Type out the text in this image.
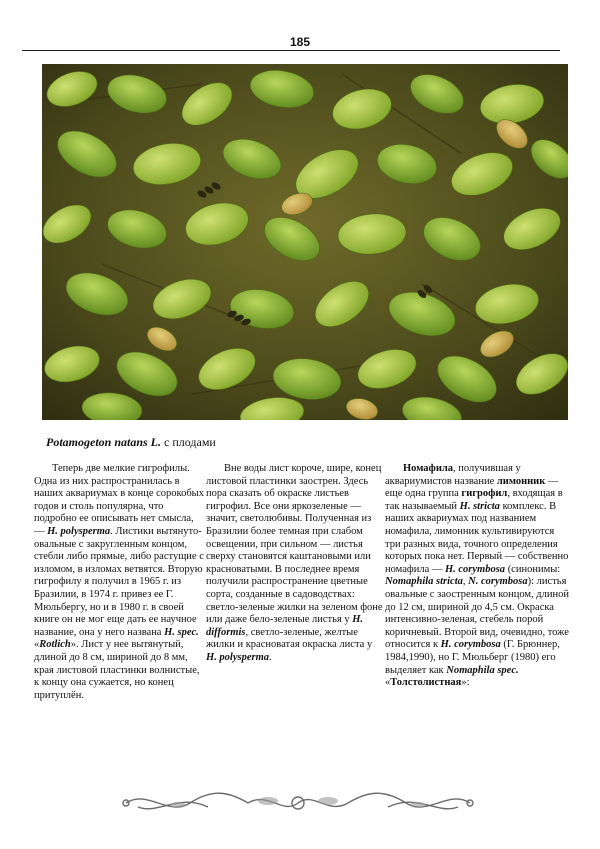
185
Potamogeton natans L. с плодами

Теперь две мелкие гигрофилы. Одна из них распространилась в наших аквариумах в конце сорокобых годов и столь популярна, что подробно ее описывать нет смысла, — H. polysperma. Листики вытянуто-овальные с закругленным концом, стебли либо прямые, либо растущие с изломом, в изломах ветвятся. Вторую гигрофилу я получил в 1965 г. из Бразилии, в 1974 г. привез ее Г. Мюльбергу, но и в 1980 г. в своей книге он не мог еще дать ее научное название, она у него названа H. spec. «Rotlich». Лист у нее вытянутый, длиной до 8 см, шириной до 8 мм, края листовой пластинки волнистые, к концу она сужается, но конец притуплён.

Вне воды лист короче, шире, конец листовой пластинки заострен. Здесь пора сказать об окраске листьев гигрофил. Все они яркозеленые — значит, светолюбивы. Полученная из Бразилии более темная при слабом освещении, при сильном — листья сверху становятся каштановыми или красноватыми. В последнее время получили распространение цветные сорта, созданные в садоводствах: светло-зеленые жилки на зеленом фоне или даже бело-зеленые листья у H. difformis, светло-зеленые, желтые жилки и красноватая окраска листа у H. polysperma.

Номафила, получившая у аквариумистов название лимонник — еще одна группа гигрофил, входящая в так называемый H. stricta комплекс. В наших аквариумах под названием номафила, лимонник культивируются три разных вида, точного определения которых пока нет. Первый — собственно номафила — H. corymbosa (синонимы: Nomaphila stricta, N. corymbosa): листья овальные с заостренным концом, длиной до 12 см, шириной до 4,5 см. Окраска интенсивно-зеленая, стебель порой коричневый. Второй вид, очевидно, тоже относится к H. corymbosa (Г. Брюннер, 1984,1990), но Г. Мюльберг (1980) его выделяет как Nomaphila spec. «Толстолистная»:
